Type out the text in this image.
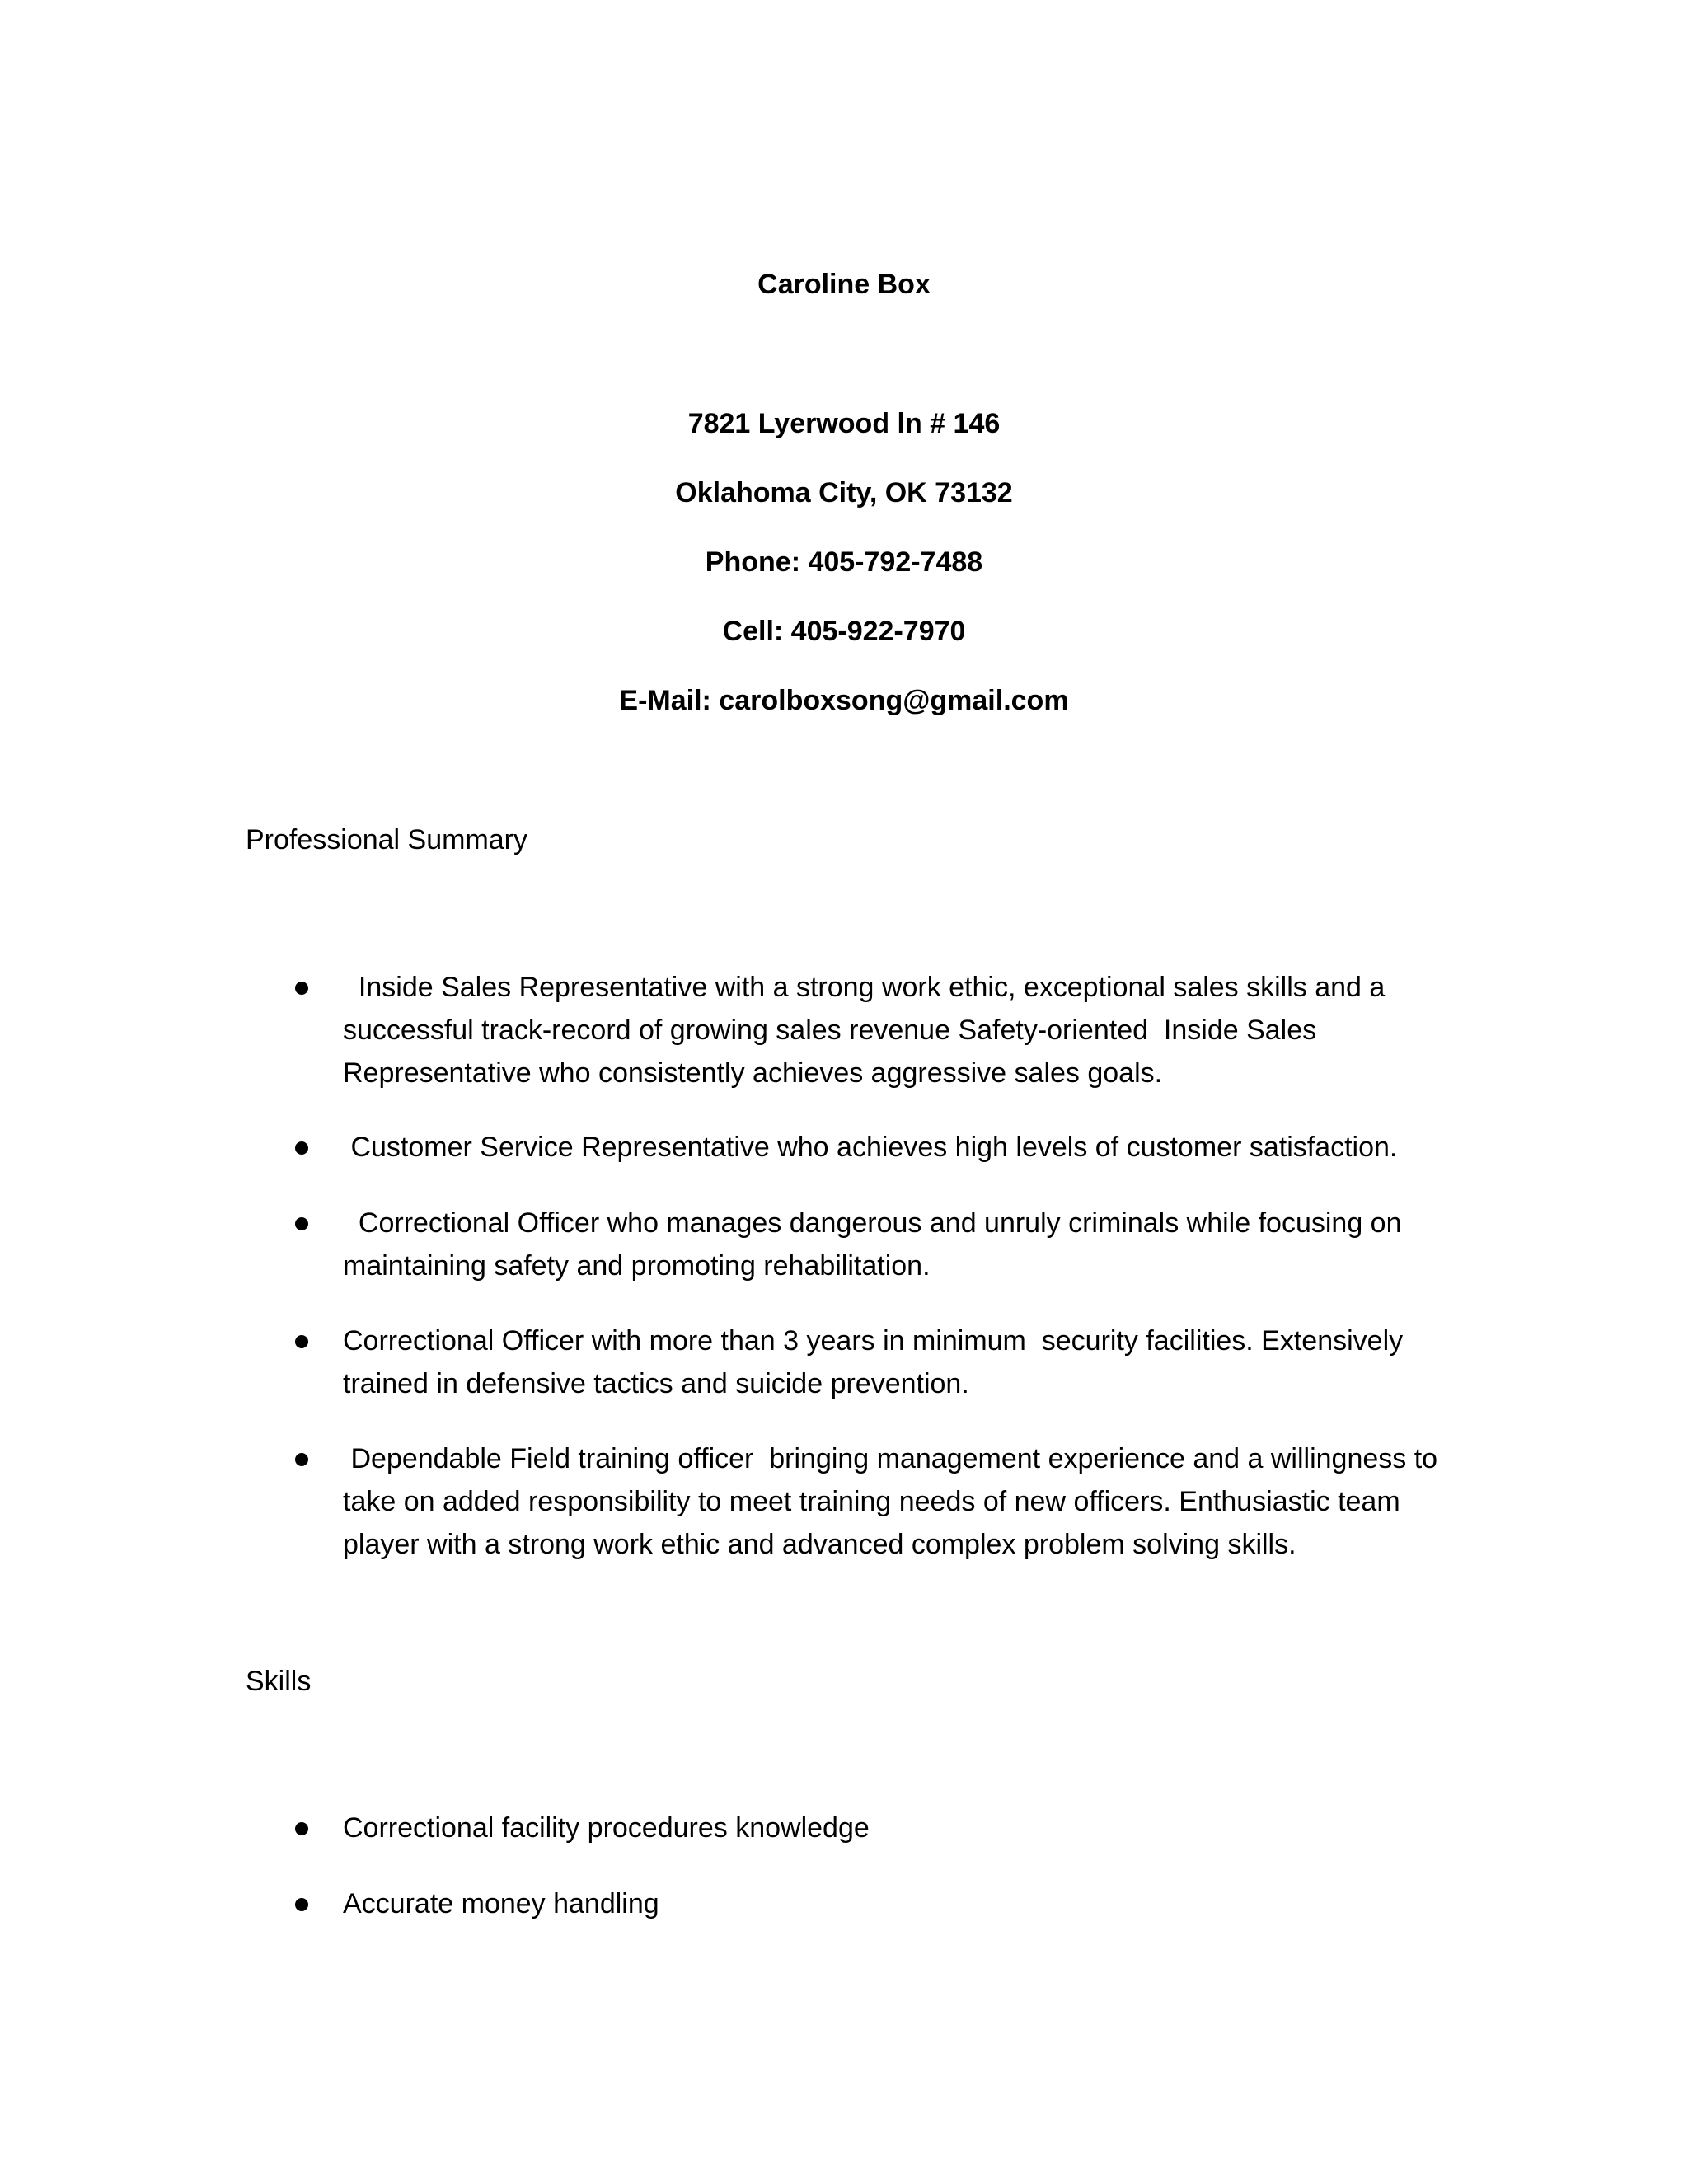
Caroline Box
7821 Lyerwood ln # 146
Oklahoma City, OK 73132
Phone: 405-792-7488
Cell: 405-922-7970
E-Mail: carolboxsong@gmail.com
Professional Summary
Inside Sales Representative with a strong work ethic, exceptional sales skills and a successful track-record of growing sales revenue Safety-oriented  Inside Sales Representative who consistently achieves aggressive sales goals.
Customer Service Representative who achieves high levels of customer satisfaction.
Correctional Officer who manages dangerous and unruly criminals while focusing on maintaining safety and promoting rehabilitation.
Correctional Officer with more than 3 years in minimum  security facilities. Extensively trained in defensive tactics and suicide prevention.
Dependable Field training officer  bringing management experience and a willingness to take on added responsibility to meet training needs of new officers. Enthusiastic team player with a strong work ethic and advanced complex problem solving skills.
Skills
Correctional facility procedures knowledge
Accurate money handling
